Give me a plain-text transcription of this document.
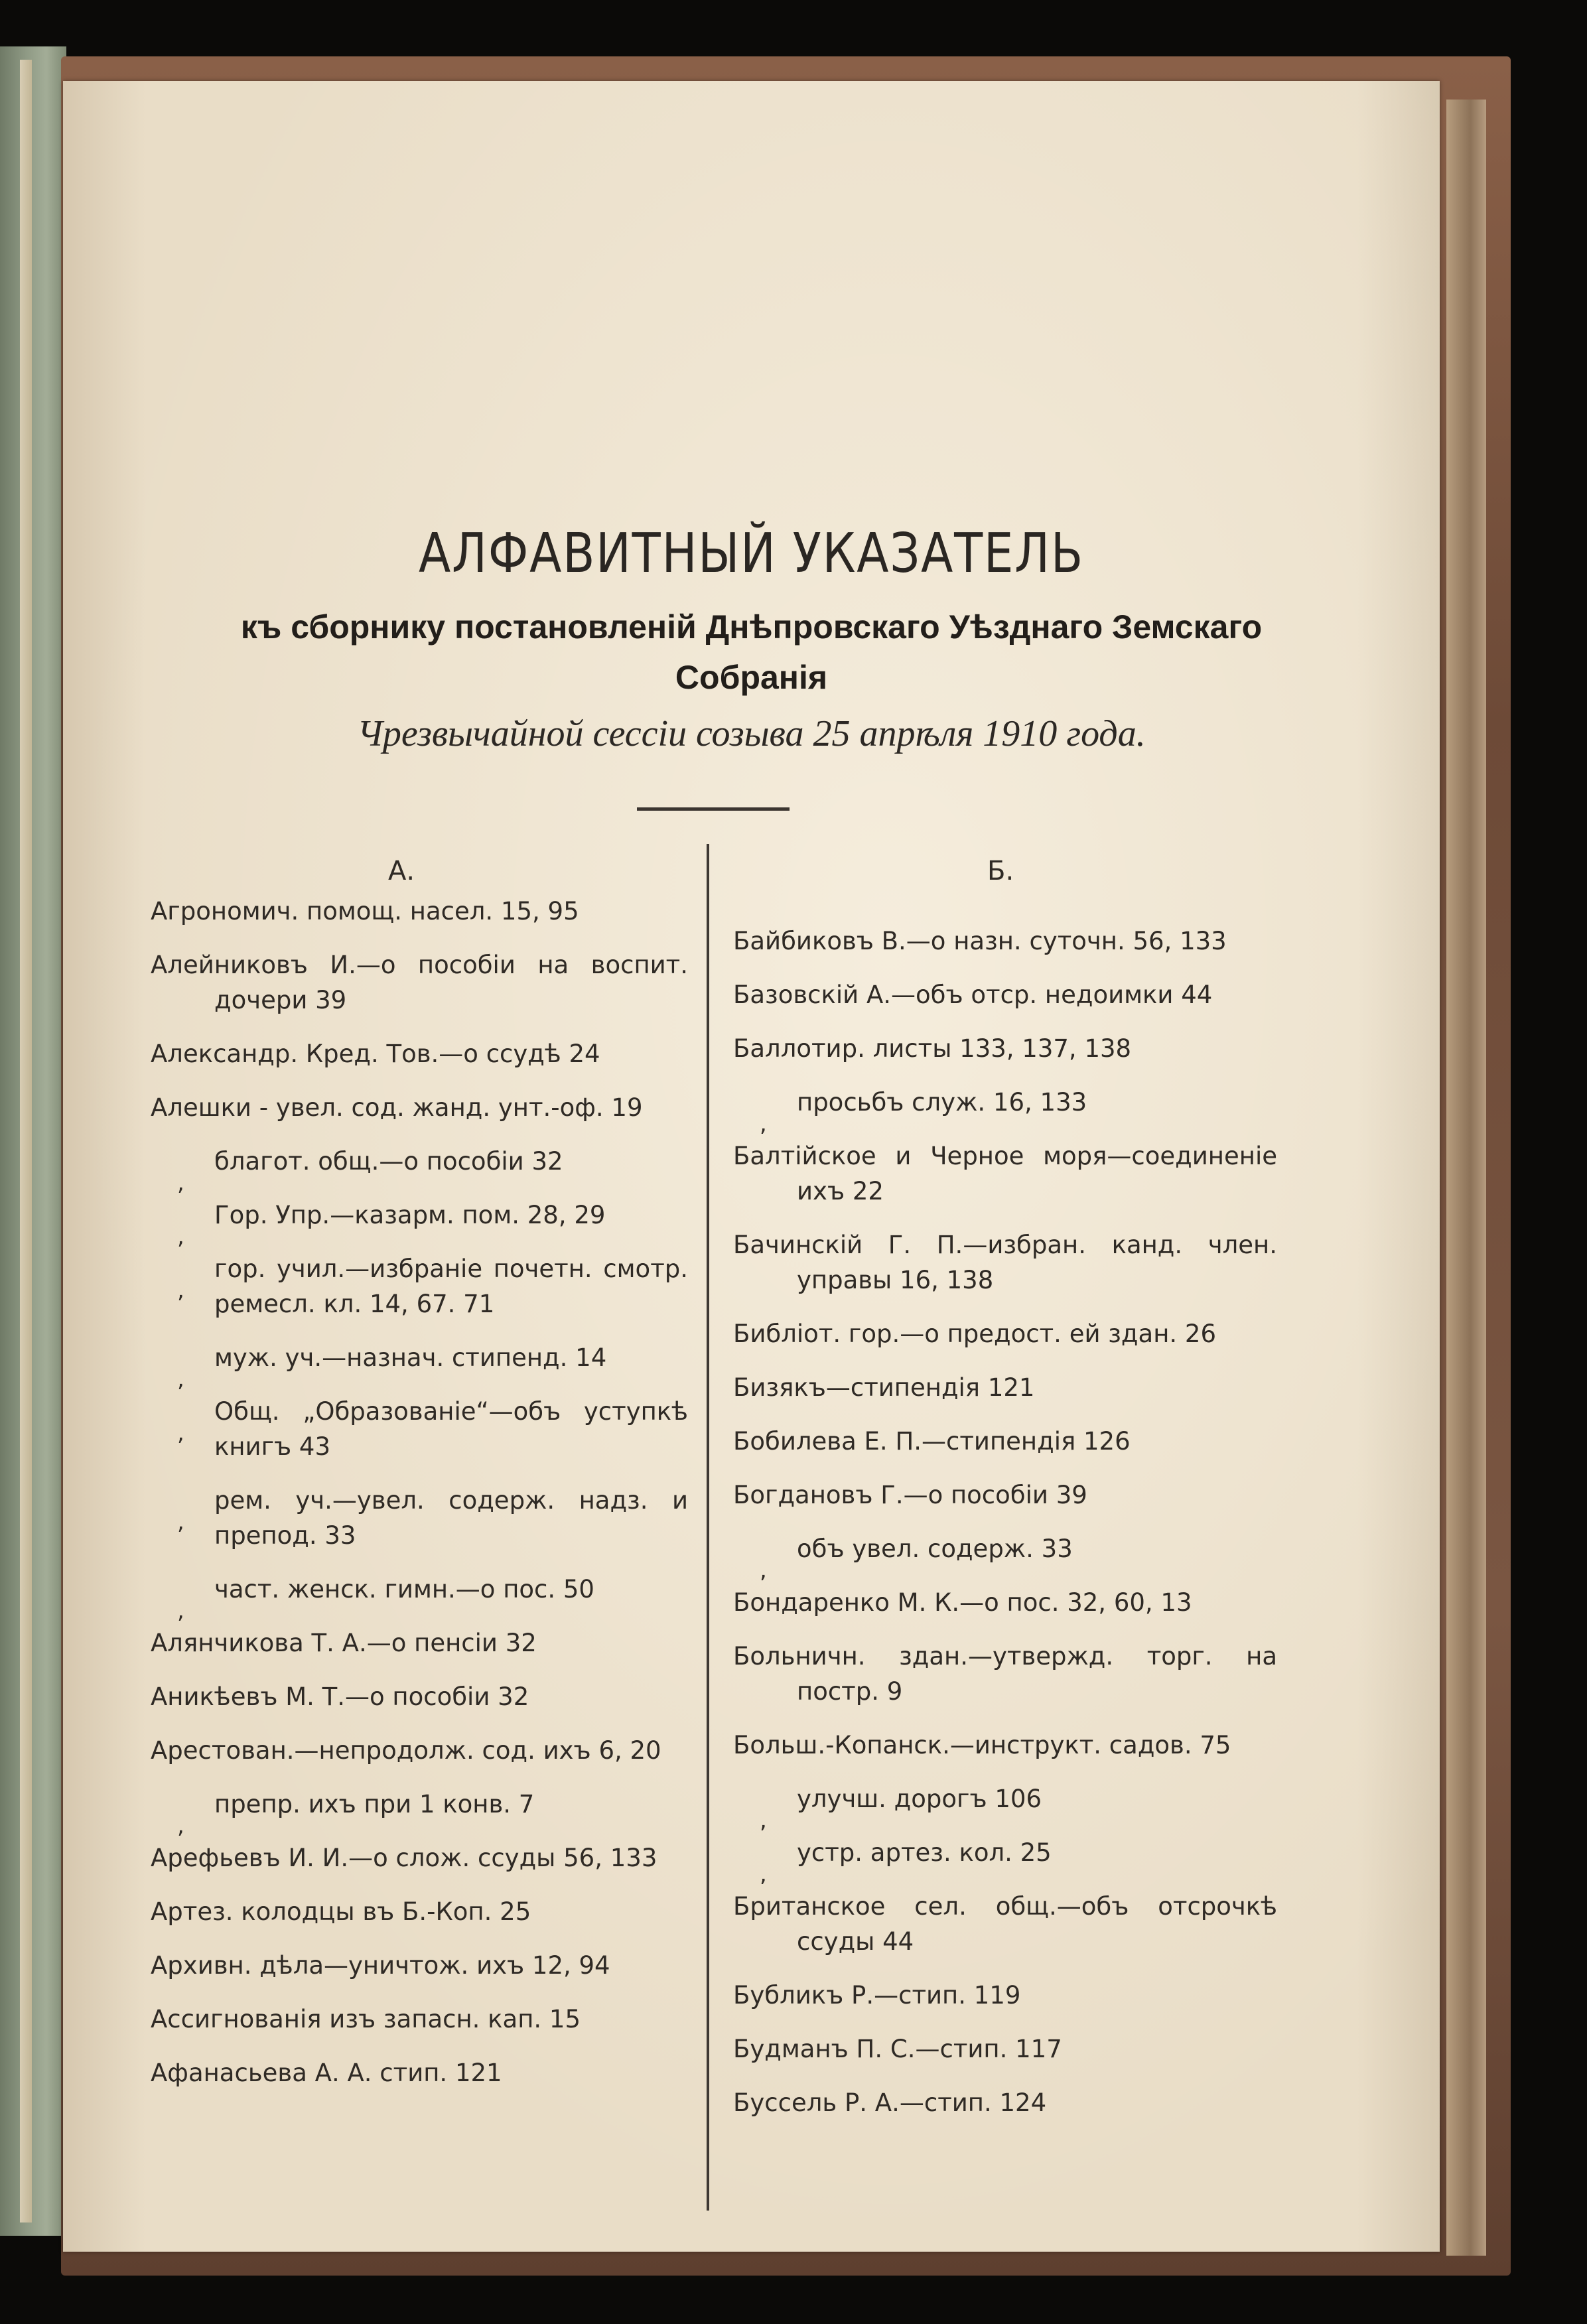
АЛФАВИТНЫЙ УКАЗАТЕЛЬ
къ сборнику постановленій Днѣпровскаго Уѣзднаго Земскаго
Собранія
Чрезвычайной сессіи созыва 25 апрѣля 1910 года.
А.
Агрономич. помощ. насел. 15, 95
Алейниковъ И.—о пособіи на воспит. дочери 39
Александр. Кред. Тов.—о ссудѣ 24
Алешки - увел. сод. жанд. унт.-оф. 19
,
благот. общ.—о пособіи 32
,
Гор. Упр.—казарм. пом. 28, 29
,
гор. учил.—избраніе почетн. смотр. ремесл. кл. 14, 67. 71
,
муж. уч.—назнач. стипенд. 14
,
Общ. „Образованіе“—объ уступкѣ книгъ 43
,
рем. уч.—увел. содерж. надз. и препод. 33
,
част. женск. гимн.—о пос. 50
Алянчикова Т. А.—о пенсіи 32
Аникѣевъ М. Т.—о пособіи 32
Арестован.—непродолж. сод. ихъ 6, 20
,
препр. ихъ при 1 конв. 7
Арефьевъ И. И.—о слож. ссуды 56, 133
Артез. колодцы въ Б.-Коп. 25
Архивн. дѣла—уничтож. ихъ 12, 94
Ассигнованія изъ запасн. кап. 15
Афанасьева А. А. стип. 121
Б.
Байбиковъ В.—о назн. суточн. 56, 133
Базовскій А.—объ отср. недоимки 44
Баллотир. листы 133, 137, 138
,
просьбъ служ. 16, 133
Балтійское и Черное моря—соединеніе ихъ 22
Бачинскій Г. П.—избран. канд. член. управы 16, 138
Библіот. гор.—о предост. ей здан. 26
Бизякъ—стипендія 121
Бобилева Е. П.—стипендія 126
Богдановъ Г.—о пособіи 39
,
объ увел. содерж. 33
Бондаренко М. К.—о пос. 32, 60, 13
Больничн. здан.—утвержд. торг. на постр. 9
Больш.-Копанск.—инструкт. садов. 75
,
улучш. дорогъ 106
,
устр. артез. кол. 25
Британское сел. общ.—объ отсрочкѣ ссуды 44
Бубликъ Р.—стип. 119
Будманъ П. С.—стип. 117
Буссель Р. А.—стип. 124
